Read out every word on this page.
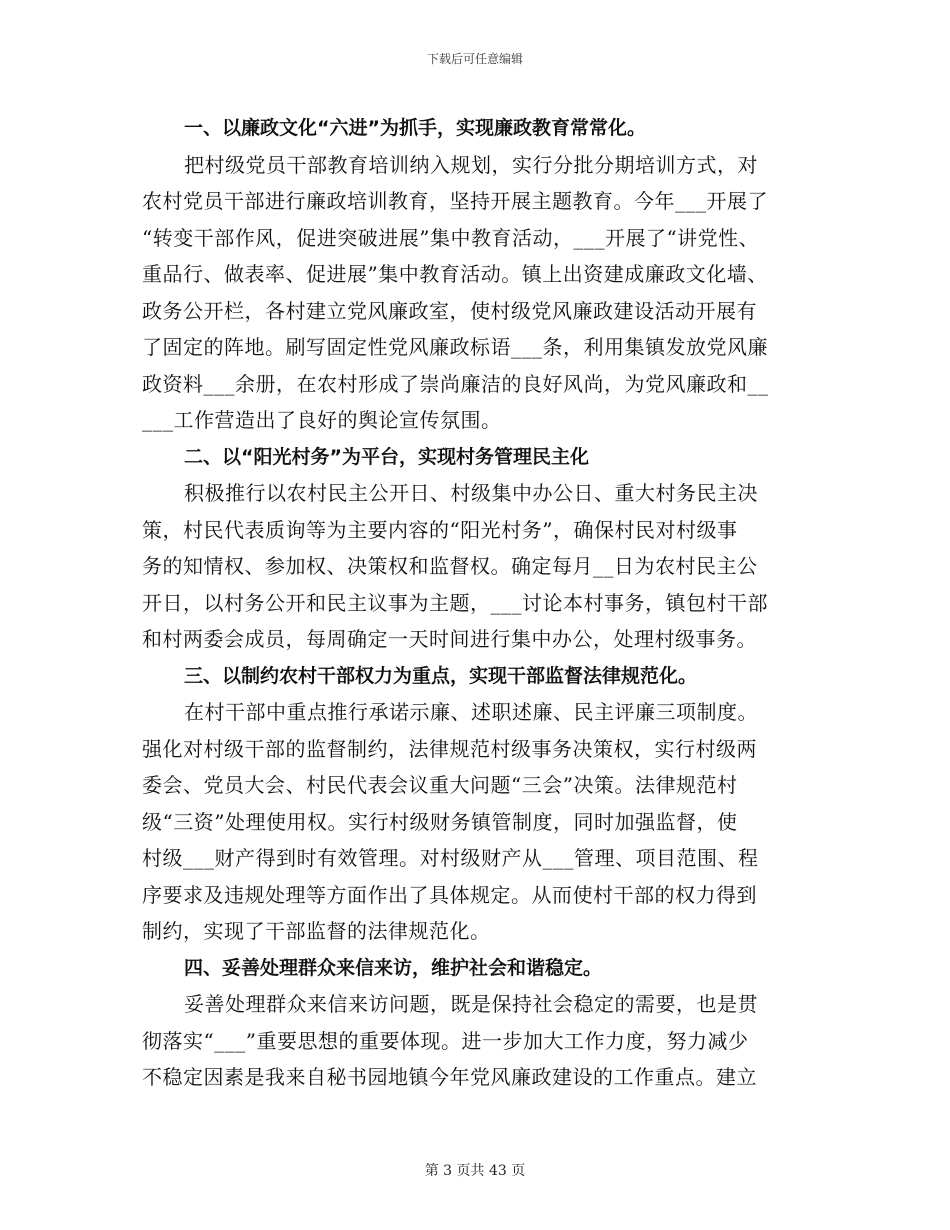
下载后可任意编辑
一、以廉政文化“六进”为抓手，实现廉政教育常常化。
把村级党员干部教育培训纳入规划，实行分批分期培训方式，对
农村党员干部进行廉政培训教育，坚持开展主题教育。今年___开展了
“转变干部作风，促进突破进展”集中教育活动，___开展了“讲党性、
重品行、做表率、促进展”集中教育活动。镇上出资建成廉政文化墙、
政务公开栏，各村建立党风廉政室，使村级党风廉政建设活动开展有
了固定的阵地。刷写固定性党风廉政标语___条，利用集镇发放党风廉
政资料___余册，在农村形成了崇尚廉洁的良好风尚，为党风廉政和__
___工作营造出了良好的舆论宣传氛围。
二、以“阳光村务”为平台，实现村务管理民主化
积极推行以农村民主公开日、村级集中办公日、重大村务民主决
策，村民代表质询等为主要内容的“阳光村务”，确保村民对村级事
务的知情权、参加权、决策权和监督权。确定每月__日为农村民主公
开日，以村务公开和民主议事为主题，___讨论本村事务，镇包村干部
和村两委会成员，每周确定一天时间进行集中办公，处理村级事务。
三、以制约农村干部权力为重点，实现干部监督法律规范化。
在村干部中重点推行承诺示廉、述职述廉、民主评廉三项制度。
强化对村级干部的监督制约，法律规范村级事务决策权，实行村级两
委会、党员大会、村民代表会议重大问题“三会”决策。法律规范村
级“三资”处理使用权。实行村级财务镇管制度，同时加强监督，使
村级___财产得到时有效管理。对村级财产从___管理、项目范围、程
序要求及违规处理等方面作出了具体规定。从而使村干部的权力得到
制约，实现了干部监督的法律规范化。
四、妥善处理群众来信来访，维护社会和谐稳定。
妥善处理群众来信来访问题，既是保持社会稳定的需要，也是贯
彻落实“___”重要思想的重要体现。进一步加大工作力度，努力减少
不稳定因素是我来自秘书园地镇今年党风廉政建设的工作重点。建立
第 3 页共 43 页
